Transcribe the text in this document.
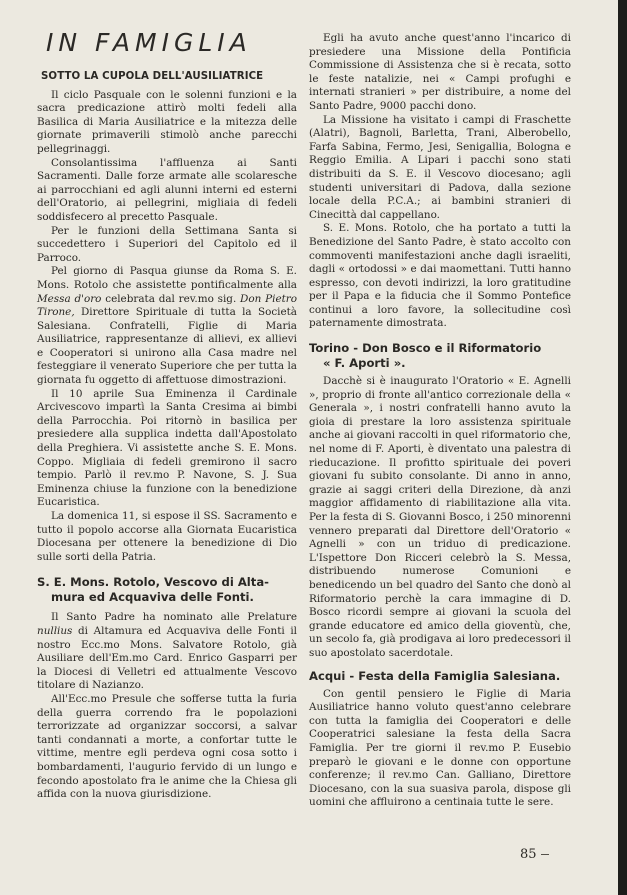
IN FAMIGLIA
SOTTO LA CUPOLA DELL'AUSILIATRICE

Il ciclo Pasquale con le solenni funzioni e la sacra predicazione attirò molti fedeli alla Basilica di Maria Ausiliatrice e la mitezza delle giornate primaverili stimolò anche parecchi pellegrinaggi.

Consolantissima l'affluenza ai Santi Sacramenti. Dalle forze armate alle scolaresche ai parrocchiani ed agli alunni interni ed esterni dell'Oratorio, ai pellegrini, migliaia di fedeli soddisfecero al precetto Pasquale.

Per le funzioni della Settimana Santa si succedettero i Superiori del Capitolo ed il Parroco.

Pel giorno di Pasqua giunse da Roma S. E. Mons. Rotolo che assistette pontificalmente alla Messa d'oro celebrata dal rev.mo sig. Don Pietro Tirone, Direttore Spirituale di tutta la Società Salesiana. Confratelli, Figlie di Maria Ausiliatrice, rappresentanze di allievi, ex allievi e Cooperatori si unirono alla Casa madre nel festeggiare il venerato Superiore che per tutta la giornata fu oggetto di affettuose dimostrazioni.

Il 10 aprile Sua Eminenza il Cardinale Arcivescovo impartì la Santa Cresima ai bimbi della Parrocchia. Poi ritornò in basilica per presiedere alla supplica indetta dall'Apostolato della Preghiera. Vi assistette anche S. E. Mons. Coppo. Migliaia di fedeli gremirono il sacro tempio. Parlò il rev.mo P. Navone, S. J. Sua Eminenza chiuse la funzione con la benedizione Eucaristica.

La domenica 11, si espose il SS. Sacramento e tutto il popolo accorse alla Giornata Eucaristica Diocesana per ottenere la benedizione di Dio sulle sorti della Patria.

S. E. Mons. Rotolo, Vescovo di Alta-
mura ed Acquaviva delle Fonti.

Il Santo Padre ha nominato alle Prelature nullius di Altamura ed Acquaviva delle Fonti il nostro Ecc.mo Mons. Salvatore Rotolo, già Ausiliare dell'Em.mo Card. Enrico Gasparri per la Diocesi di Velletri ed attualmente Vescovo titolare di Nazianzo.

All'Ecc.mo Presule che sofferse tutta la furia della guerra correndo fra le popolazioni terrorizzate ad organizzar soccorsi, a salvar tanti condannati a morte, a confortar tutte le vittime, mentre egli perdeva ogni cosa sotto i bombardamenti, l'augurio fervido di un lungo e fecondo apostolato fra le anime che la Chiesa gli affida con la nuova giurisdizione.

Egli ha avuto anche quest'anno l'incarico di presiedere una Missione della Pontificia Commissione di Assistenza che si è recata, sotto le feste natalizie, nei « Campi profughi e internati stranieri » per distribuire, a nome del Santo Padre, 9000 pacchi dono.

La Missione ha visitato i campi di Fraschette (Alatri), Bagnoli, Barletta, Trani, Alberobello, Farfa Sabina, Fermo, Jesi, Senigallia, Bologna e Reggio Emilia. A Lipari i pacchi sono stati distribuiti da S. E. il Vescovo diocesano; agli studenti universitari di Padova, dalla sezione locale della P.C.A.; ai bambini stranieri di Cinecittà dal cappellano.

S. E. Mons. Rotolo, che ha portato a tutti la Benedizione del Santo Padre, è stato accolto con commoventi manifestazioni anche dagli israeliti, dagli « ortodossi » e dai maomettani. Tutti hanno espresso, con devoti indirizzi, la loro gratitudine per il Papa e la fiducia che il Sommo Pontefice continui a loro favore, la sollecitudine così paternamente dimostrata.

Torino - Don Bosco e il Riformatorio
« F. Aporti ».

Dacchè si è inaugurato l'Oratorio « E. Agnelli », proprio di fronte all'antico correzionale della « Generala », i nostri confratelli hanno avuto la gioia di prestare la loro assistenza spirituale anche ai giovani raccolti in quel riformatorio che, nel nome di F. Aporti, è diventato una palestra di rieducazione. Il profitto spirituale dei poveri giovani fu subito consolante. Di anno in anno, grazie ai saggi criteri della Direzione, dà anzi maggior affidamento di riabilitazione alla vita. Per la festa di S. Giovanni Bosco, i 250 minorenni vennero preparati dal Direttore dell'Oratorio « Agnelli » con un triduo di predicazione. L'Ispettore Don Ricceri celebrò la S. Messa, distribuendo numerose Comunioni e benedicendo un bel quadro del Santo che donò al Riformatorio perchè la cara immagine di D. Bosco ricordi sempre ai giovani la scuola del grande educatore ed amico della gioventù, che, un secolo fa, già prodigava ai loro predecessori il suo apostolato sacerdotale.

Acqui - Festa della Famiglia Salesiana.

Con gentil pensiero le Figlie di Maria Ausiliatrice hanno voluto quest'anno celebrare con tutta la famiglia dei Cooperatori e delle Cooperatrici salesiane la festa della Sacra Famiglia. Per tre giorni il rev.mo P. Eusebio preparò le giovani e le donne con opportune conferenze; il rev.mo Can. Galliano, Direttore Diocesano, con la sua suasiva parola, dispose gli uomini che affluirono a centinaia tutte le sere.

85
